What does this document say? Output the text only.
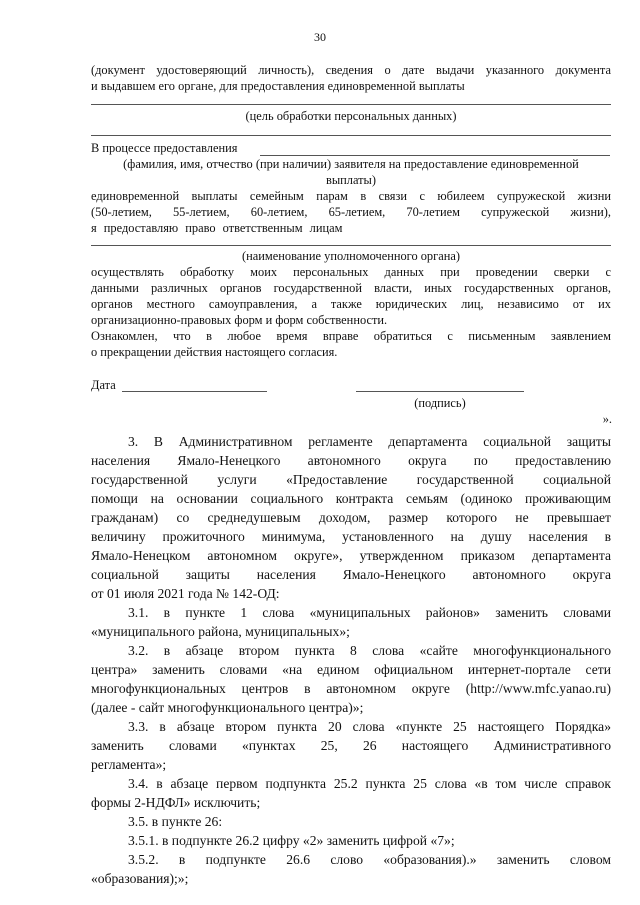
30
(документ удостоверяющий личность), сведения о дате выдачи указанного документа
и выдавшем его органе, для предоставления единовременной выплаты
(цель обработки персональных данных)
В процессе предоставления
(фамилия, имя, отчество (при наличии) заявителя на предоставление единовременной
выплаты)
единовременной выплаты семейным парам в связи с юбилеем супружеской жизни
(50-летием, 55-летием, 60-летием, 65-летием, 70-летием супружеской жизни),
я предоставляю право ответственным лицам
(наименование уполномоченного органа)
осуществлять обработку моих персональных данных при проведении сверки с
данными различных органов государственной власти, иных государственных органов,
органов местного самоуправления, а также юридических лиц, независимо от их
организационно-правовых форм и форм собственности.
Ознакомлен, что в любое время вправе обратиться с письменным заявлением
о прекращении действия настоящего согласия.
Дата
(подпись)
».
3. В Административном регламенте департамента социальной защиты
населения Ямало-Ненецкого автономного округа по предоставлению
государственной услуги «Предоставление государственной социальной
помощи на основании социального контракта семьям (одиноко проживающим
гражданам) со среднедушевым доходом, размер которого не превышает
величину прожиточного минимума, установленного на душу населения в
Ямало-Ненецком автономном округе», утвержденном приказом департамента
социальной защиты населения Ямало-Ненецкого автономного округа
от 01 июля 2021 года № 142-ОД:
3.1. в пункте 1 слова «муниципальных районов» заменить словами
«муниципального района, муниципальных»;
3.2. в абзаце втором пункта 8 слова «сайте многофункционального
центра» заменить словами «на едином официальном интернет-портале сети
многофункциональных центров в автономном округе (http://www.mfc.yanao.ru)
(далее - сайт многофункционального центра)»;
3.3. в абзаце втором пункта 20 слова «пункте 25 настоящего Порядка»
заменить словами «пунктах 25, 26 настоящего Административного
регламента»;
3.4. в абзаце первом подпункта 25.2 пункта 25 слова «в том числе справок
формы 2-НДФЛ» исключить;
3.5. в пункте 26:
3.5.1. в подпункте 26.2 цифру «2» заменить цифрой «7»;
3.5.2. в подпункте 26.6 слово «образования).» заменить словом
«образования);»;
